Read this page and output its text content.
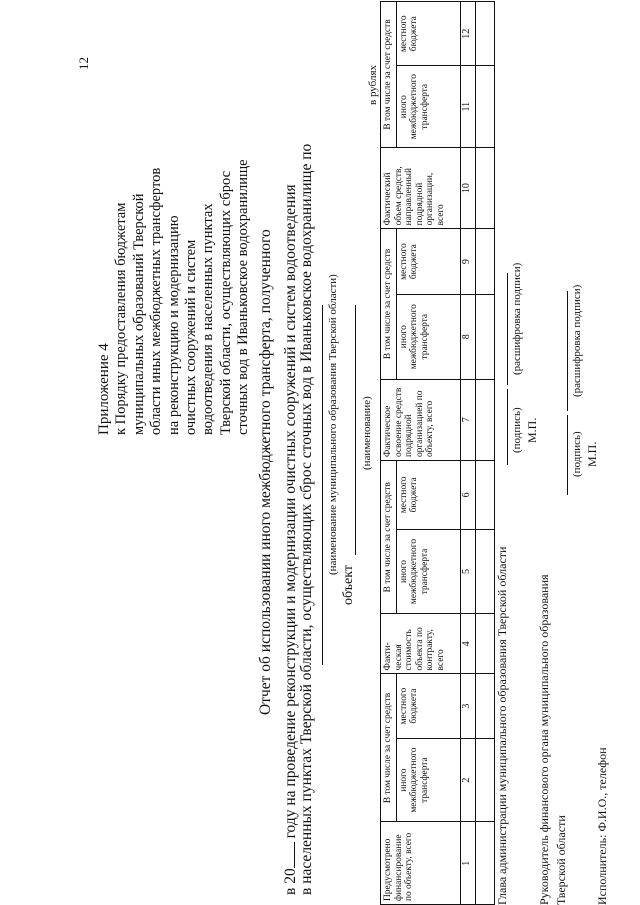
12
Приложение 4 к Порядку предоставления бюджетам муниципальных образований Тверской области иных межбюджетных трансфертов на реконструкцию и модернизацию очистных сооружений и систем водоотведения в населенных пунктах Тверской области, осуществляющих сброс сточных вод в Иваньковское водохранилище Отчет об использовании иного межбюджетного трансферта, полученного
в 20 году на проведение реконструкции и модернизации очистных сооружений и систем водоотведения в населенных пунктах Тверской области, осуществляющих сброс сточных вод в Иваньковское водохранилище по (наименование муниципального образования Тверской области)
объект
(наименование)
в рублях
Предусмотрено финансирование по объекту, всего	В том числе за счет средств		Факти-ческая стоимость объекта по контракту, всего	В том числе за счет средств		Фактическое освоение средств подрядной организацией по объекту, всего	В том числе за счет средств		Фактический объем средств, направленный подрядной организации, всего	В том числе за счет средств	
	иного межбюджетного трансферта	местного бюджета		иного межбюджетного трансферта	местного бюджета		иного межбюджетного трансферта	местного бюджета		иного межбюджетного трансферта	местного бюджета
1	2	3	4	5	6	7	8	9	10	11	12

Глава администрации муниципального образования Тверской области
(подпись)
(расшифровка подписи)
М.П.
Руководитель финансового органа муниципального образования Тверской области
(подпись)
(расшифровка подписи)
М.П.
Исполнитель: Ф.И.О., телефон
